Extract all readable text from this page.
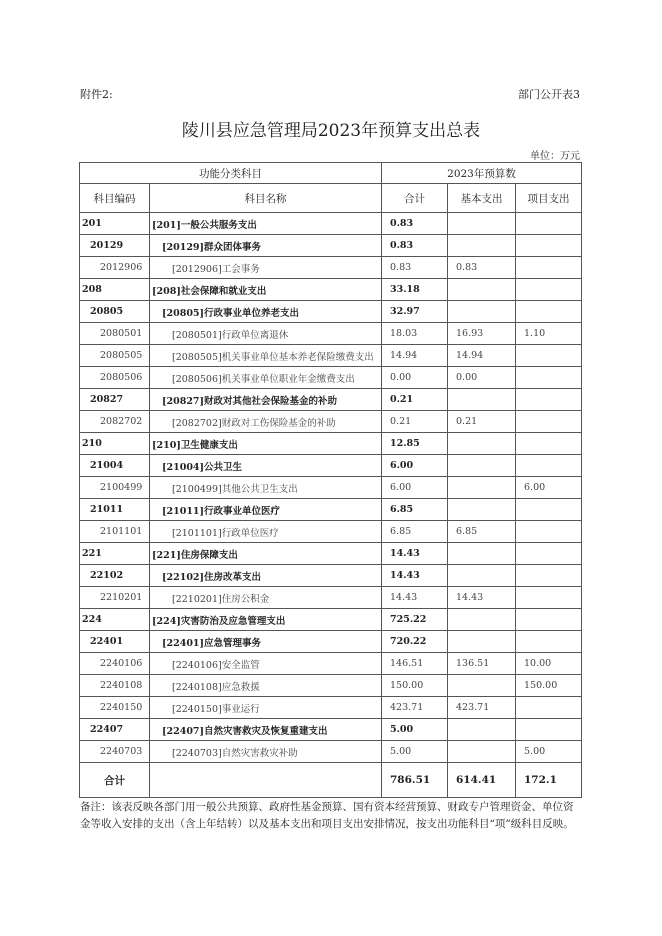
附件2:	部门公开表3
陵川县应急管理局2023年预算支出总表
单位：万元
功能分类科目		2023年预算数		
科目编码	科目名称	合计	基本支出	项目支出
201	[201]一般公共服务支出	0.83		
20129	[20129]群众团体事务	0.83		
2012906	[2012906]工会事务	0.83	0.83	
208	[208]社会保障和就业支出	33.18		
20805	[20805]行政事业单位养老支出	32.97		
2080501	[2080501]行政单位离退休	18.03	16.93	1.10
2080505	[2080505]机关事业单位基本养老保险缴费支出	14.94	14.94	
2080506	[2080506]机关事业单位职业年金缴费支出	0.00	0.00	
20827	[20827]财政对其他社会保险基金的补助	0.21		
2082702	[2082702]财政对工伤保险基金的补助	0.21	0.21	
210	[210]卫生健康支出	12.85		
21004	[21004]公共卫生	6.00		
2100499	[2100499]其他公共卫生支出	6.00		6.00
21011	[21011]行政事业单位医疗	6.85		
2101101	[2101101]行政单位医疗	6.85	6.85	
221	[221]住房保障支出	14.43		
22102	[22102]住房改革支出	14.43		
2210201	[2210201]住房公积金	14.43	14.43	
224	[224]灾害防治及应急管理支出	725.22		
22401	[22401]应急管理事务	720.22		
2240106	[2240106]安全监管	146.51	136.51	10.00
2240108	[2240108]应急救援	150.00		150.00
2240150	[2240150]事业运行	423.71	423.71	
22407	[22407]自然灾害救灾及恢复重建支出	5.00		
2240703	[2240703]自然灾害救灾补助	5.00		5.00
合计		786.51	614.41	172.1
备注：该表反映各部门用一般公共预算、政府性基金预算、国有资本经营预算、财政专户管理资金、单位资金等收入安排的支出（含上年结转）以及基本支出和项目支出安排情况，按支出功能科目“项”级科目反映。
